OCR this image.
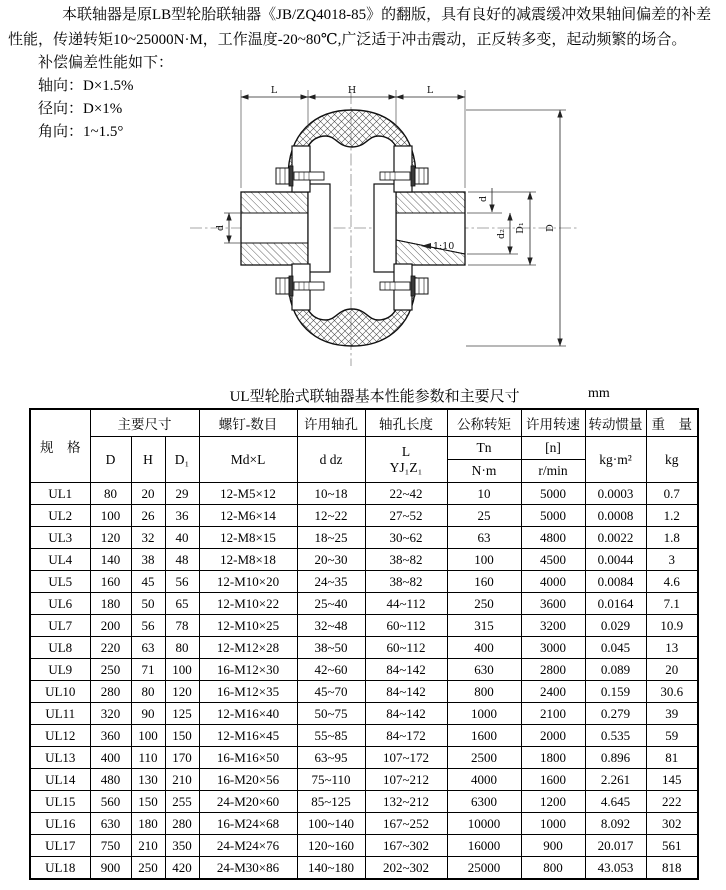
本联轴器是原LB型轮胎联轴器《JB/ZQ4018-85》的翻版，具有良好的减震缓冲效果轴间偏差的补差性能，传递转矩10~25000N·M，工作温度-20~80℃,广泛适于冲击震动，正反转多变，起动频繁的场合。

补偿偏差性能如下：
轴向：D×1.5%
径向：D×1%
角向：1~1.5°
L	H	L
D
D₁
d
d₂
d
1:10
UL型轮胎式联轴器基本性能参数和主要尺寸	mm
规　格	主要尺寸			螺钉-数目	许用轴孔	轴孔长度	公称转矩	许用转速	转动惯量	重　量
	D	H	D₁	Md×L	d dz	L
YJ₁Z₁	Tn	[n]	kg·m²	kg
							N·m	r/min		
UL1	80	20	29	12-M5×12	10~18	22~42	10	5000	0.0003	0.7
UL2	100	26	36	12-M6×14	12~22	27~52	25	5000	0.0008	1.2
UL3	120	32	40	12-M8×15	18~25	30~62	63	4800	0.0022	1.8
UL4	140	38	48	12-M8×18	20~30	38~82	100	4500	0.0044	3
UL5	160	45	56	12-M10×20	24~35	38~82	160	4000	0.0084	4.6
UL6	180	50	65	12-M10×22	25~40	44~112	250	3600	0.0164	7.1
UL7	200	56	78	12-M10×25	32~48	60~112	315	3200	0.029	10.9
UL8	220	63	80	12-M12×28	38~50	60~112	400	3000	0.045	13
UL9	250	71	100	16-M12×30	42~60	84~142	630	2800	0.089	20
UL10	280	80	120	16-M12×35	45~70	84~142	800	2400	0.159	30.6
UL11	320	90	125	12-M16×40	50~75	84~142	1000	2100	0.279	39
UL12	360	100	150	12-M16×45	55~85	84~172	1600	2000	0.535	59
UL13	400	110	170	16-M16×50	63~95	107~172	2500	1800	0.896	81
UL14	480	130	210	16-M20×56	75~110	107~212	4000	1600	2.261	145
UL15	560	150	255	24-M20×60	85~125	132~212	6300	1200	4.645	222
UL16	630	180	280	16-M24×68	100~140	167~252	10000	1000	8.092	302
UL17	750	210	350	24-M24×76	120~160	167~302	16000	900	20.017	561
UL18	900	250	420	24-M30×86	140~180	202~302	25000	800	43.053	818
